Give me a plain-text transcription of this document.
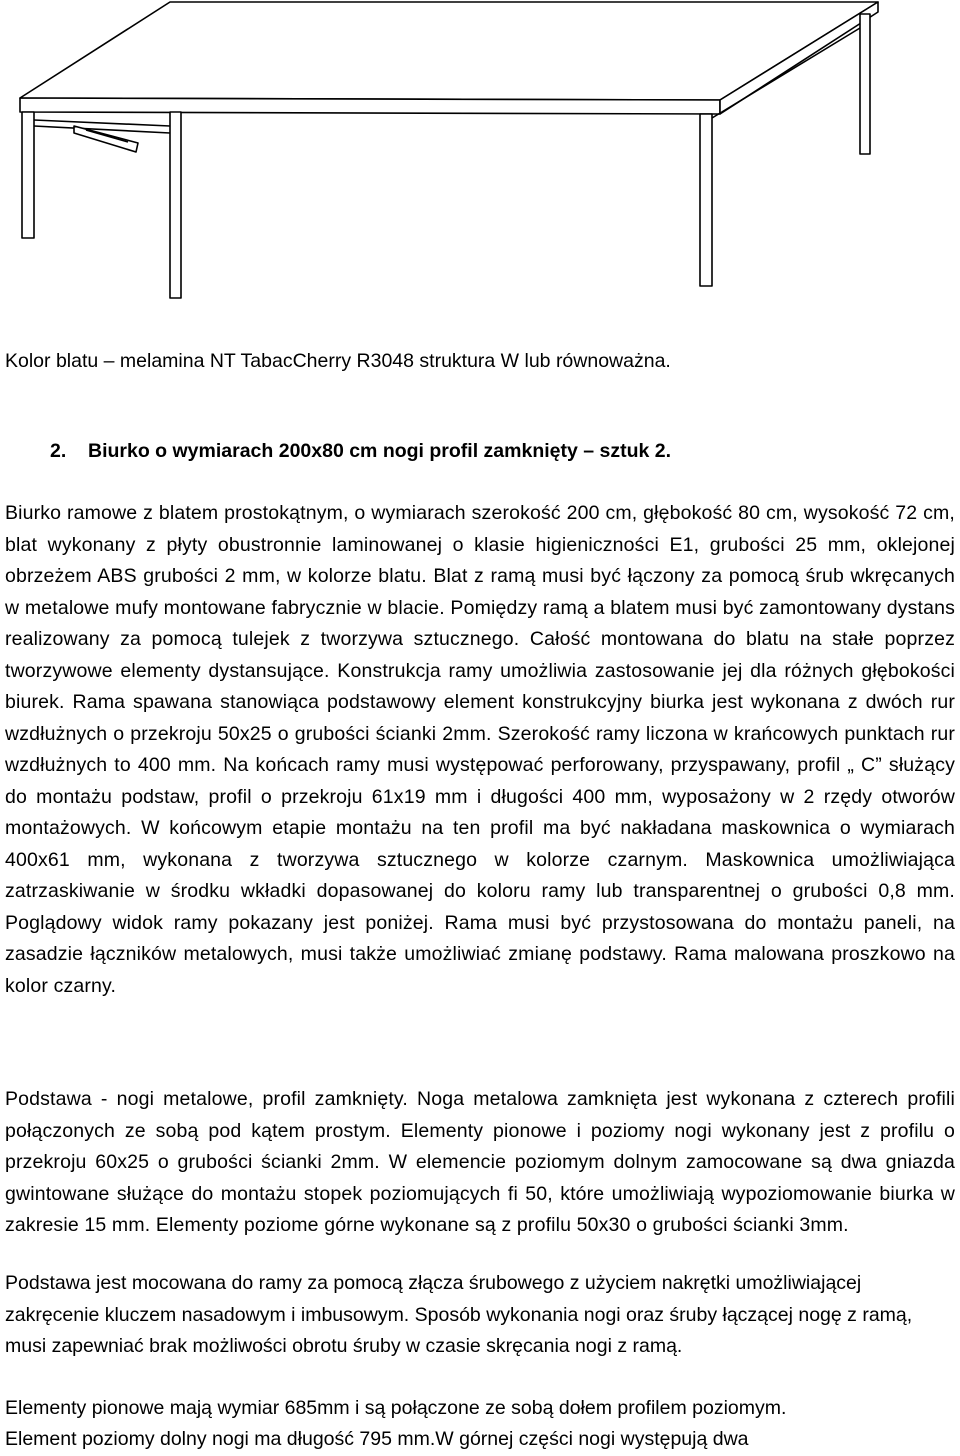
Kolor blatu – melamina NT TabacCherry R3048 struktura W lub równoważna.
2. Biurko o wymiarach 200x80 cm nogi profil zamknięty – sztuk 2.
Biurko ramowe z blatem prostokątnym, o wymiarach szerokość 200 cm, głębokość 80 cm, wysokość 72 cm, blat wykonany z płyty obustronnie laminowanej o klasie higieniczności E1, grubości 25 mm, oklejonej obrzeżem ABS grubości 2 mm, w kolorze blatu. Blat z ramą musi być łączony za pomocą śrub wkręcanych w metalowe mufy montowane fabrycznie w blacie. Pomiędzy ramą a blatem musi być zamontowany dystans realizowany za pomocą tulejek z tworzywa sztucznego. Całość montowana do blatu na stałe poprzez tworzywowe elementy dystansujące. Konstrukcja ramy umożliwia zastosowanie jej dla różnych głębokości biurek. Rama spawana stanowiąca podstawowy element konstrukcyjny biurka jest wykonana z dwóch rur wzdłużnych o przekroju 50x25 o grubości ścianki 2mm. Szerokość ramy liczona w krańcowych punktach rur wzdłużnych to 400 mm. Na końcach ramy musi występować perforowany, przyspawany, profil „ C” służący do montażu podstaw, profil o przekroju 61x19 mm i długości 400 mm, wyposażony w 2 rzędy otworów montażowych. W końcowym etapie montażu na ten profil ma być nakładana maskownica o wymiarach 400x61 mm, wykonana z tworzywa sztucznego w kolorze czarnym. Maskownica umożliwiająca zatrzaskiwanie w środku wkładki dopasowanej do koloru ramy lub transparentnej o grubości 0,8 mm. Poglądowy widok ramy pokazany jest poniżej. Rama musi być przystosowana do montażu paneli, na zasadzie łączników metalowych, musi także umożliwiać zmianę podstawy. Rama malowana proszkowo na kolor czarny.
Podstawa - nogi metalowe, profil zamknięty. Noga metalowa zamknięta jest wykonana z czterech profili połączonych ze sobą pod kątem prostym. Elementy pionowe i poziomy nogi wykonany jest z profilu o przekroju 60x25 o grubości ścianki 2mm. W elemencie poziomym dolnym zamocowane są dwa gniazda gwintowane służące do montażu stopek poziomujących fi 50, które umożliwiają wypoziomowanie biurka w zakresie 15 mm. Elementy poziome górne wykonane są z profilu 50x30 o grubości ścianki 3mm.
Podstawa jest mocowana do ramy za pomocą złącza śrubowego z użyciem nakrętki umożliwiającej zakręcenie kluczem nasadowym i imbusowym. Sposób wykonania nogi oraz śruby łączącej nogę z ramą, musi zapewniać brak możliwości obrotu śruby w czasie skręcania nogi z ramą.
Elementy pionowe mają wymiar 685mm i są połączone ze sobą dołem profilem poziomym.
Element poziomy dolny nogi ma długość 795 mm.W górnej części nogi występują dwa
